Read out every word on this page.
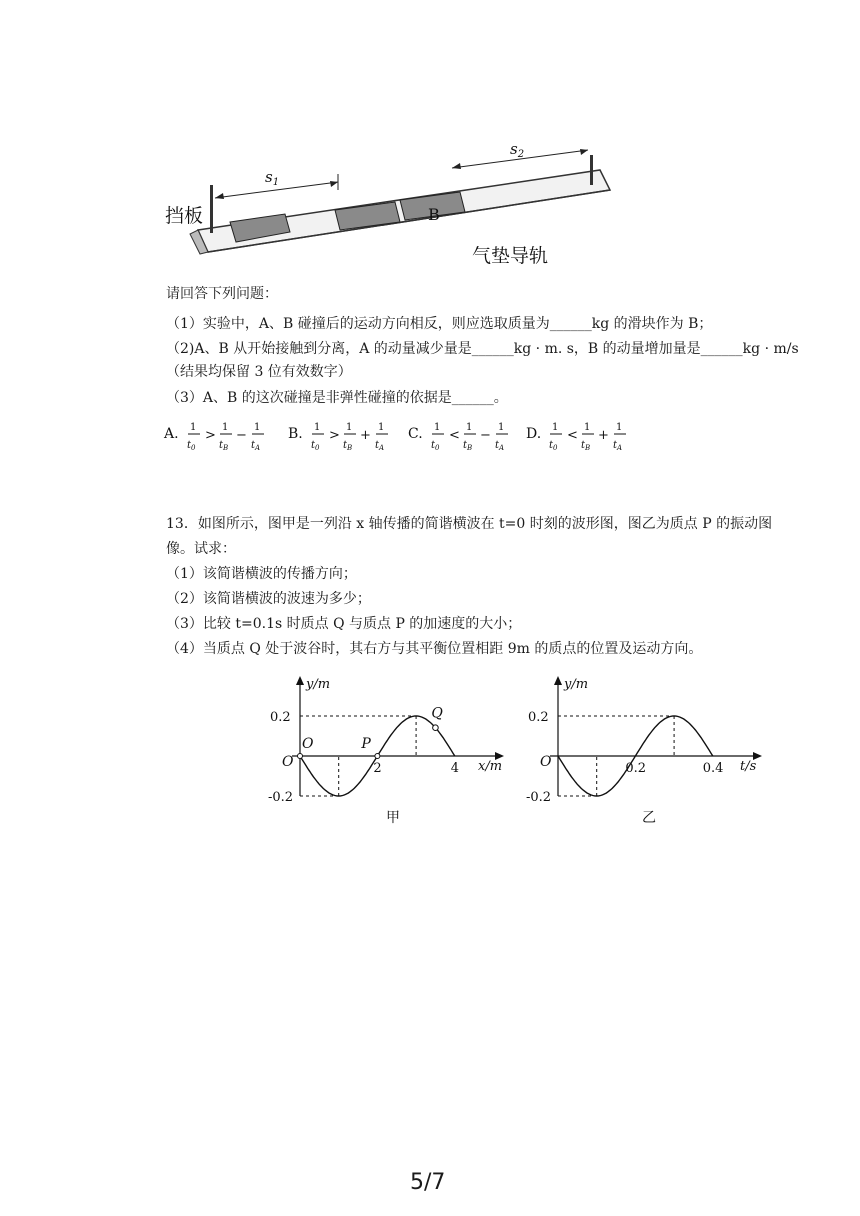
B
$s_1$
$s_2$
挡板
气垫导轨
请回答下列问题：
（1）实验中，A、B 碰撞后的运动方向相反，则应选取质量为______kg 的滑块作为 B；
（2)A、B 从开始接触到分离，A 的动量减少量是______kg · m. s，B 的动量增加量是______kg · m/s
（结果均保留 3 位有效数字）
（3）A、B 的这次碰撞是非弹性碰撞的依据是______。
A. 1
$t_0$
>
1
$t_B$
−
1
$t_A$
B. 1
$t_0$
>
1
$t_B$
+
1
$t_A$
C. 1
$t_0$
<
1
$t_B$
−
1
$t_A$
D. 1
$t_0$
<
1
$t_B$
+
1
$t_A$
13．如图所示，图甲是一列沿 x 轴传播的简谐横波在 t=0 时刻的波形图，图乙为质点 P 的振动图
像。试求：
（1）该简谐横波的传播方向；
（2）该简谐横波的波速为多少；
（3）比较 t=0.1s 时质点 Q 与质点 P 的加速度的大小；
（4）当质点 Q 处于波谷时，其右方与其平衡位置相距 9m 的质点的位置及运动方向。
y/m
x/m
O
甲
0.2
-0.2
2	4
O	P
Q
y/m
t/s
O
乙
0.2
-0.2
0.2	0.4
5/7
